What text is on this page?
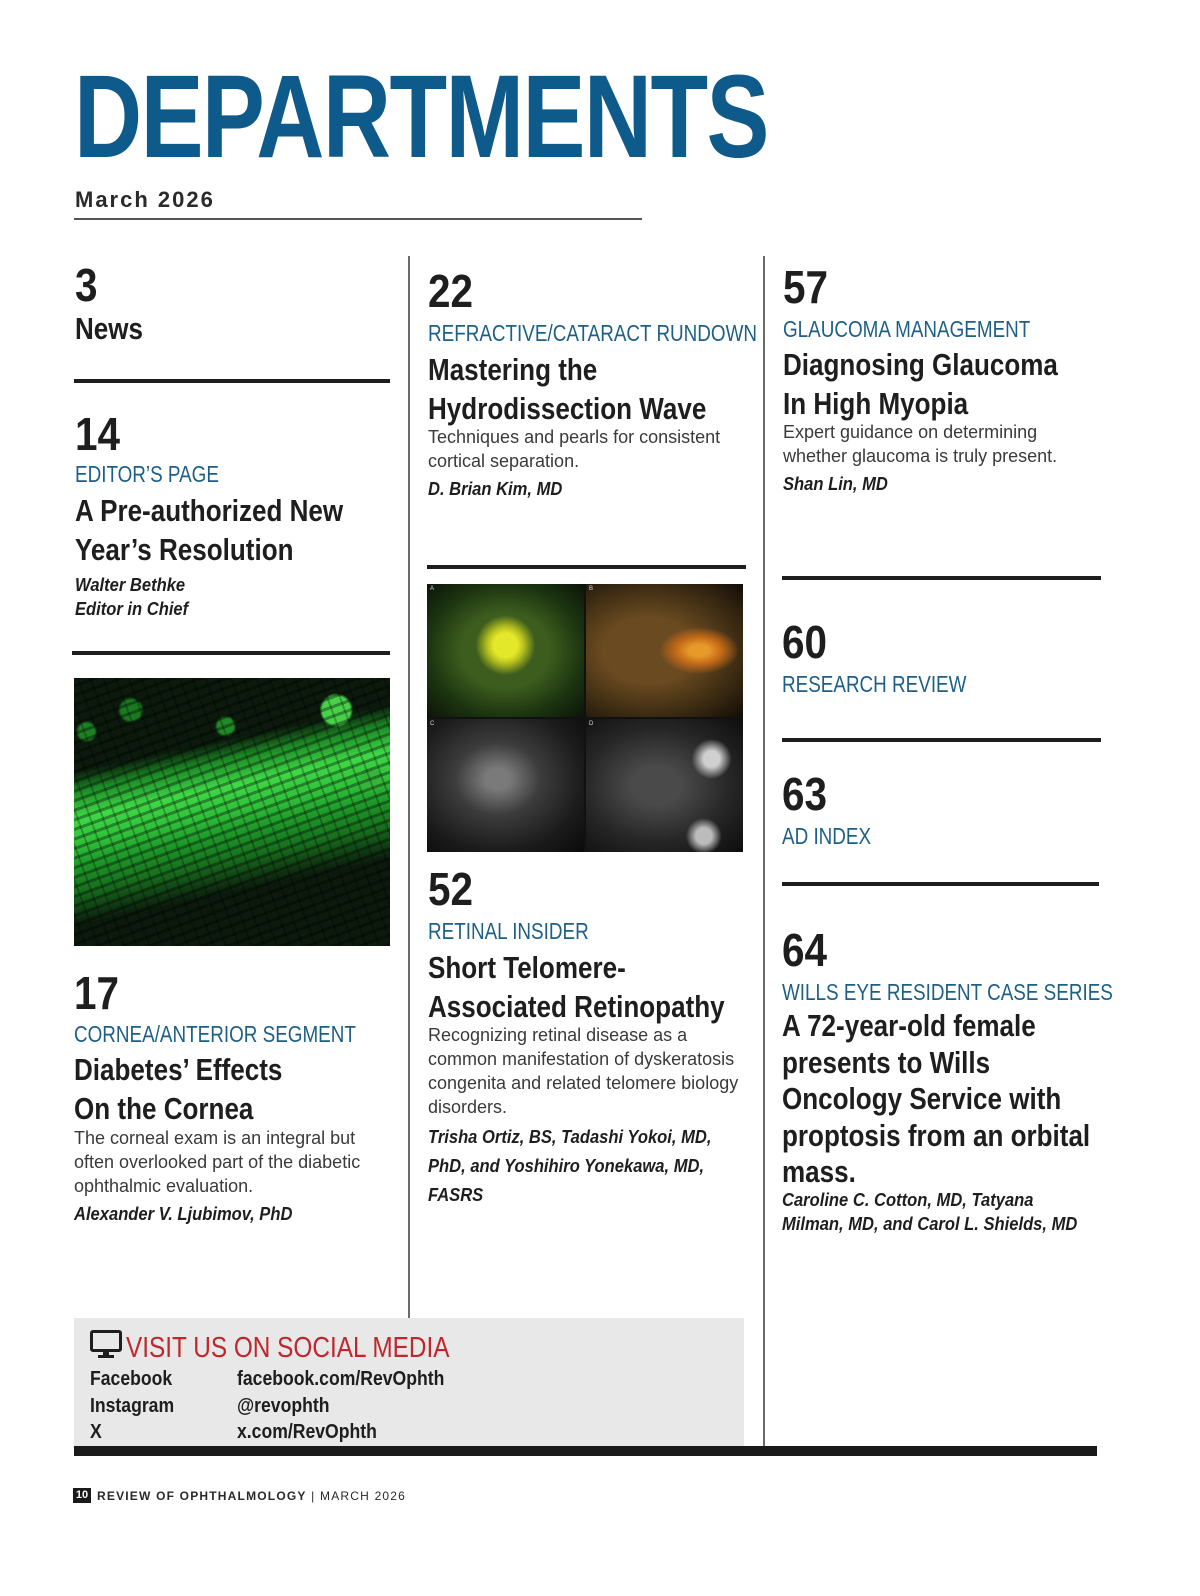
DEPARTMENTS
March 2026
3
News
14
EDITOR’S PAGE
A Pre-authorized New Year’s Resolution
Walter Bethke
Editor in Chief
17
CORNEA/ANTERIOR SEGMENT
Diabetes’ Effects
On the Cornea
The corneal exam is an integral but often overlooked part of the diabetic ophthalmic evaluation.
Alexander V. Ljubimov, PhD
22
REFRACTIVE/CATARACT RUNDOWN
Mastering the Hydrodissection Wave
Techniques and pearls for consistent cortical separation.
D. Brian Kim, MD
A	B
C	D
52
RETINAL INSIDER
Short Telomere-Associated Retinopathy
Recognizing retinal disease as a common manifestation of dyskeratosis congenita and related telomere biology disorders.
Trisha Ortiz, BS, Tadashi Yokoi, MD, PhD, and Yoshihiro Yonekawa, MD, FASRS
57
GLAUCOMA MANAGEMENT
Diagnosing Glaucoma In High Myopia
Expert guidance on determining whether glaucoma is truly present.
Shan Lin, MD
60
RESEARCH REVIEW
63
AD INDEX
64
WILLS EYE RESIDENT CASE SERIES
A 72-year-old female presents to Wills Oncology Service with proptosis from an orbital mass.
Caroline C. Cotton, MD, Tatyana Milman, MD, and Carol L. Shields, MD
VISIT US ON SOCIAL MEDIA
Facebook	facebook.com/RevOphth
Instagram	@revophth
X	x.com/RevOphth
10 REVIEW OF OPHTHALMOLOGY | MARCH 2026
